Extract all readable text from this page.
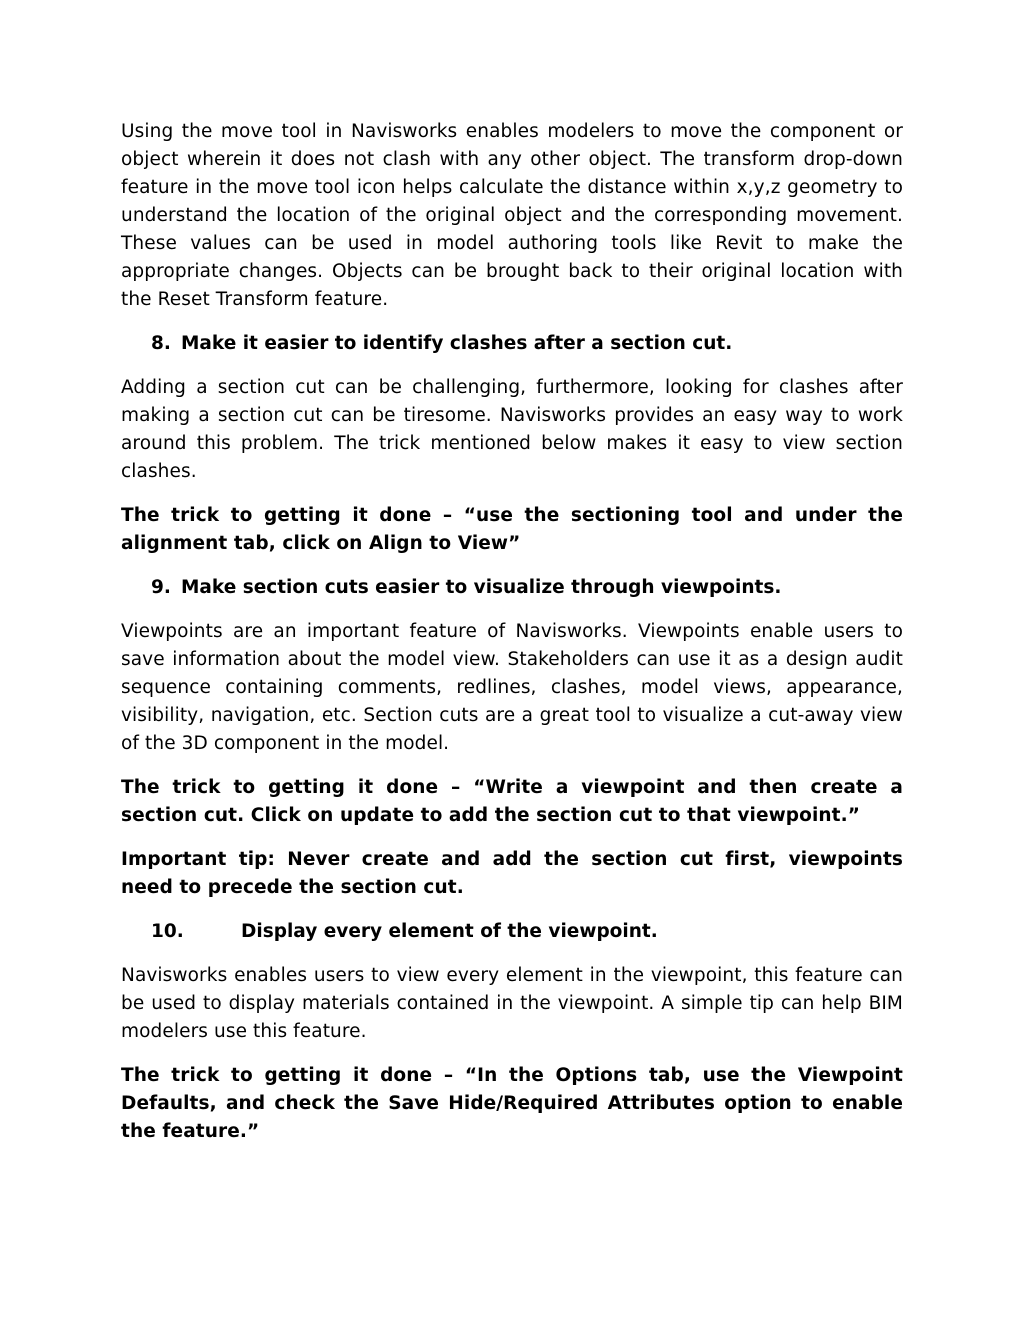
Using the move tool in Navisworks enables modelers to move the component or object wherein it does not clash with any other object. The transform drop-down feature in the move tool icon helps calculate the distance within x,y,z geometry to understand the location of the original object and the corresponding movement. These values can be used in model authoring tools like Revit to make the appropriate changes. Objects can be brought back to their original location with the Reset Transform feature.

8. Make it easier to identify clashes after a section cut.

Adding a section cut can be challenging, furthermore, looking for clashes after making a section cut can be tiresome. Navisworks provides an easy way to work around this problem. The trick mentioned below makes it easy to view section clashes.

The trick to getting it done – “use the sectioning tool and under the alignment tab, click on Align to View”

9. Make section cuts easier to visualize through viewpoints.

Viewpoints are an important feature of Navisworks. Viewpoints enable users to save information about the model view. Stakeholders can use it as a design audit sequence containing comments, redlines, clashes, model views, appearance, visibility, navigation, etc. Section cuts are a great tool to visualize a cut-away view of the 3D component in the model.

The trick to getting it done – “Write a viewpoint and then create a section cut. Click on update to add the section cut to that viewpoint.”

Important tip: Never create and add the section cut first, viewpoints need to precede the section cut.

10.	Display every element of the viewpoint.

Navisworks enables users to view every element in the viewpoint, this feature can be used to display materials contained in the viewpoint. A simple tip can help BIM modelers use this feature.

The trick to getting it done – “In the Options tab, use the Viewpoint Defaults, and check the Save Hide/Required Attributes option to enable the feature.”
